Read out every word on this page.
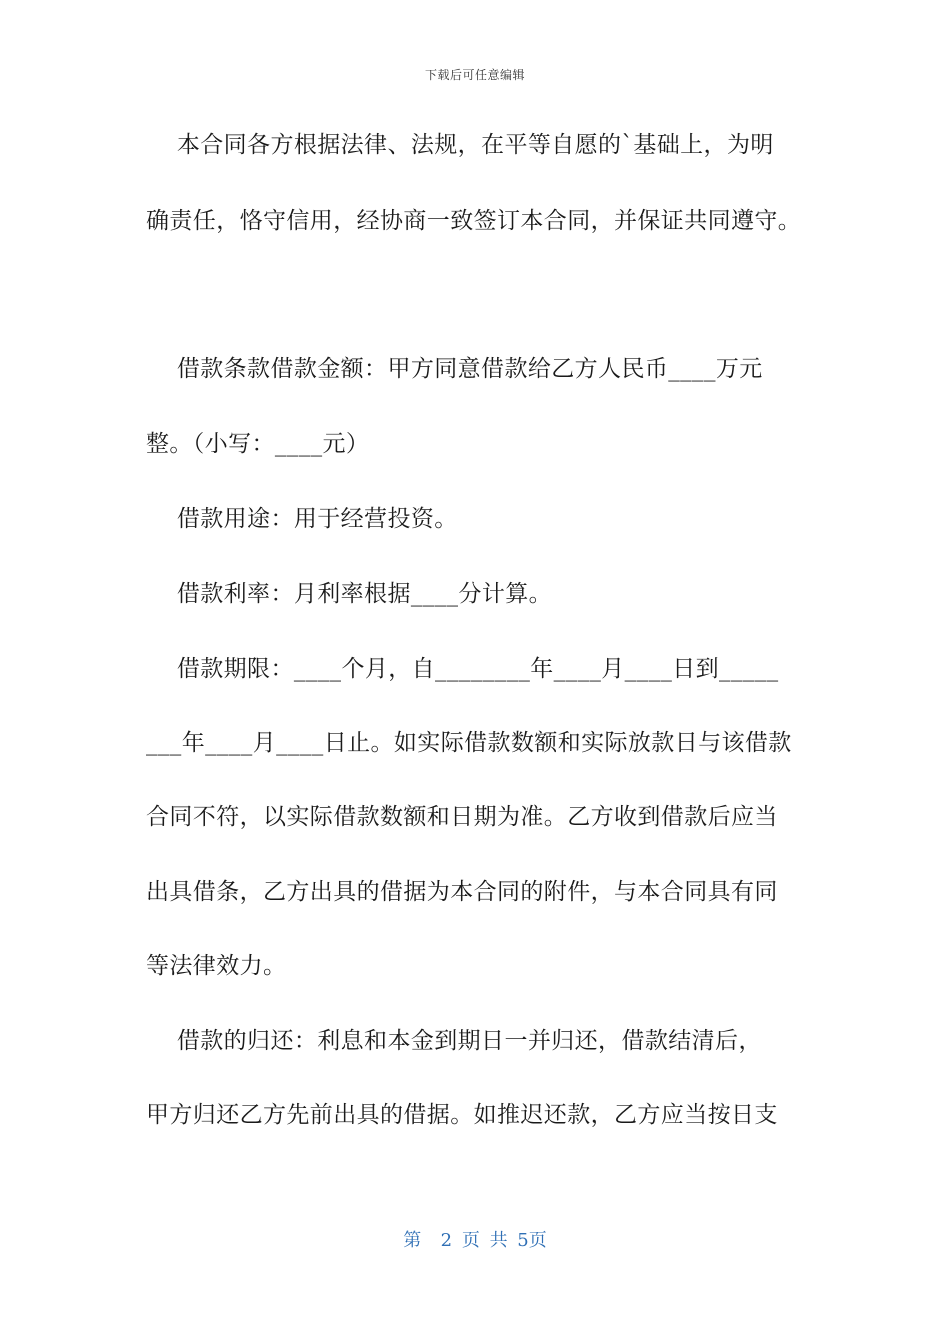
下载后可任意编辑
本合同各方根据法律、法规，在平等自愿的`基础上，为明
确责任，恪守信用，经协商一致签订本合同，并保证共同遵守。
借款条款借款金额：甲方同意借款给乙方人民币____万元
整。（小写：____元）
借款用途：用于经营投资。
借款利率：月利率根据____分计算。
借款期限：____个月，自________年____月____日到_____
___年____月____日止。如实际借款数额和实际放款日与该借款
合同不符，以实际借款数额和日期为准。乙方收到借款后应当
出具借条，乙方出具的借据为本合同的附件，与本合同具有同
等法律效力。
借款的归还：利息和本金到期日一并归还，借款结清后，
甲方归还乙方先前出具的借据。如推迟还款，乙方应当按日支
第  2 页 共 5页
